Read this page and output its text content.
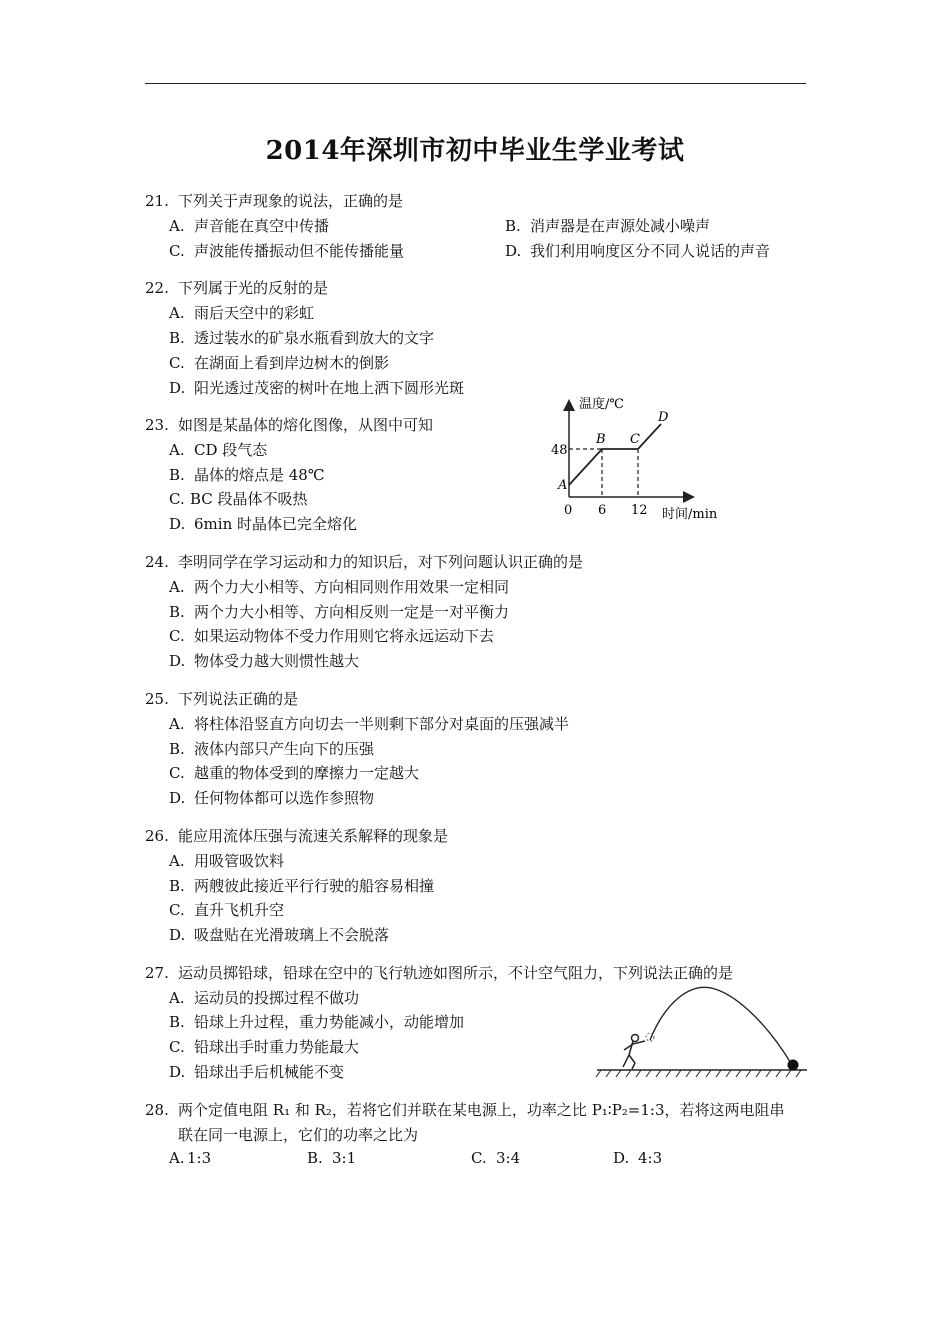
2014年深圳市初中毕业生学业考试
21. 下列关于声现象的说法，正确的是
A. 声音能在真空中传播	B. 消声器是在声源处减小噪声
C. 声波能传播振动但不能传播能量	D. 我们利用响度区分不同人说话的声音
22. 下列属于光的反射的是
A. 雨后天空中的彩虹
B. 透过装水的矿泉水瓶看到放大的文字
C. 在湖面上看到岸边树木的倒影
D. 阳光透过茂密的树叶在地上洒下圆形光斑
23. 如图是某晶体的熔化图像，从图中可知
A. CD 段气态
B. 晶体的熔点是 48℃
C. BC 段晶体不吸热
D. 6min 时晶体已完全熔化
温度/℃
时间/min
0
48
6 12
A
B C
D
24. 李明同学在学习运动和力的知识后，对下列问题认识正确的是
A. 两个力大小相等、方向相同则作用效果一定相同
B. 两个力大小相等、方向相反则一定是一对平衡力
C. 如果运动物体不受力作用则它将永远运动下去
D. 物体受力越大则惯性越大
25. 下列说法正确的是
A. 将柱体沿竖直方向切去一半则剩下部分对桌面的压强减半
B. 液体内部只产生向下的压强
C. 越重的物体受到的摩擦力一定越大
D. 任何物体都可以选作参照物
26. 能应用流体压强与流速关系解释的现象是
A. 用吸管吸饮料
B. 两艘彼此接近平行行驶的船容易相撞
C. 直升飞机升空
D. 吸盘贴在光滑玻璃上不会脱落
27. 运动员掷铅球，铅球在空中的飞行轨迹如图所示，不计空气阻力，下列说法正确的是
A. 运动员的投掷过程不做功
B. 铅球上升过程，重力势能减小，动能增加
C. 铅球出手时重力势能最大
D. 铅球出手后机械能不变
28. 两个定值电阻 R₁ 和 R₂，若将它们并联在某电源上，功率之比 P₁∶P₂=1:3，若将这两电阻串
联在同一电源上，它们的功率之比为
A. 1:3	B. 3:1	C. 3:4	D. 4:3
